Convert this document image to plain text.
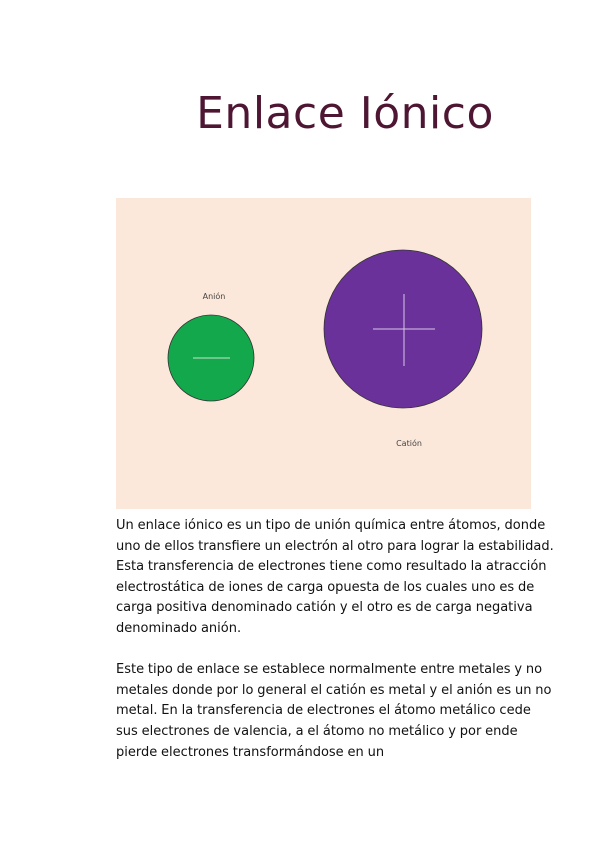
Enlace Iónico
Anión
Catión

Un enlace iónico es un tipo de unión química entre átomos, donde uno de ellos transfiere un electrón al otro para lograr la estabilidad. Esta transferencia de electrones tiene como resultado la atracción electrostática de iones de carga opuesta de los cuales uno es de carga positiva denominado catión y el otro es de carga negativa denominado anión.

Este tipo de enlace se establece normalmente entre metales y no metales donde por lo general el catión es metal y el anión es un no metal. En la transferencia de electrones el átomo metálico cede sus electrones de valencia, a el átomo no metálico y por ende pierde electrones transformándose en un
